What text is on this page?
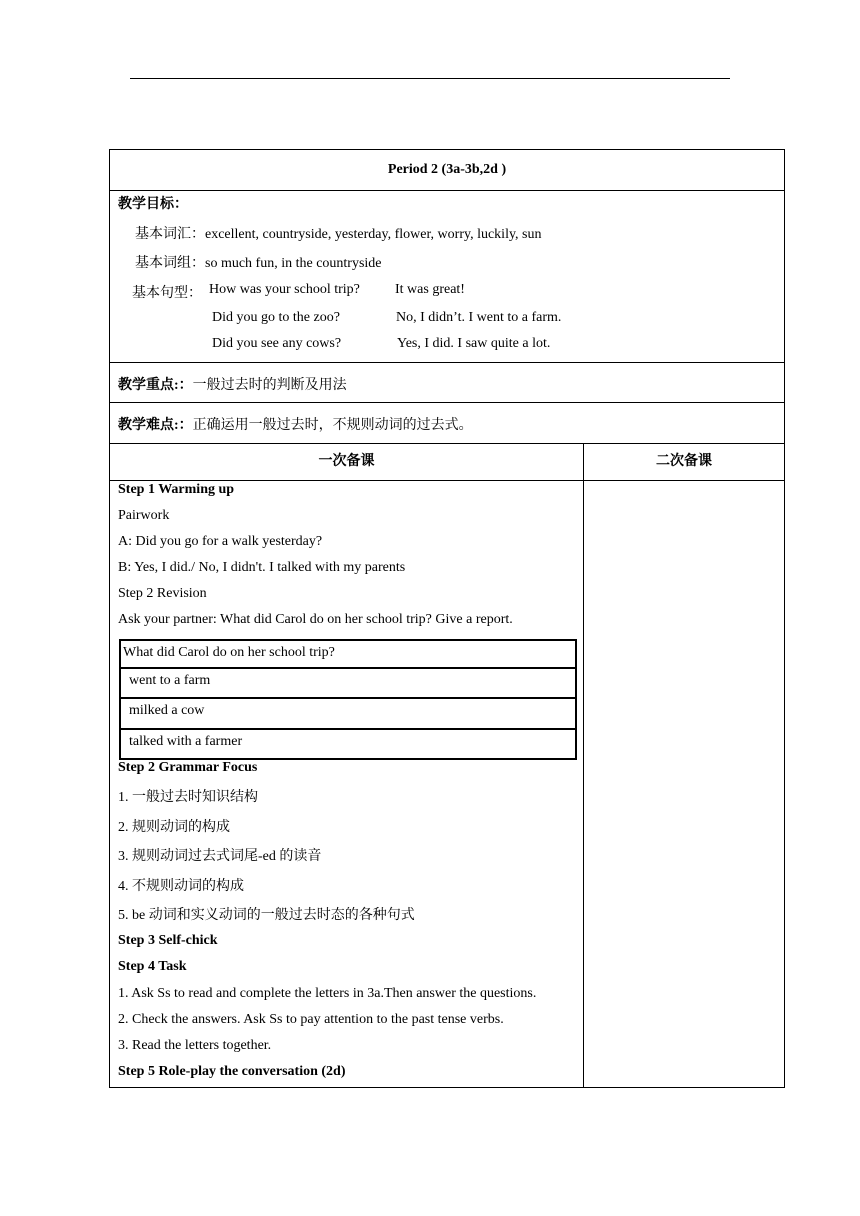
Period 2 (3a-3b,2d )
教学目标：
基本词汇：excellent, countryside, yesterday, flower, worry, luckily, sun
基本词组：so much fun, in the countryside
基本句型： How was your school trip?	It was great!
Did you go to the zoo?	No, I didn’t. I went to a farm.
Did you see any cows?	Yes, I did. I saw quite a lot.
教学重点:：一般过去时的判断及用法
教学难点:：正确运用一般过去时，不规则动词的过去式。
一次备课	二次备课
Step 1 Warming up
Pairwork
A: Did you go for a walk yesterday?
B: Yes, I did./ No, I didn't. I talked with my parents
Step 2 Revision
Ask your partner: What did Carol do on her school trip? Give a report.
What did Carol do on her school trip?
went to a farm
milked a cow
talked with a farmer
Step 2 Grammar Focus
1. 一般过去时知识结构
2. 规则动词的构成
3. 规则动词过去式词尾-ed 的读音
4. 不规则动词的构成
5. be 动词和实义动词的一般过去时态的各种句式
Step 3 Self-chick
Step 4 Task
1. Ask Ss to read and complete the letters in 3a.Then answer the questions.
2. Check the answers. Ask Ss to pay attention to the past tense verbs.
3. Read the letters together.
Step 5 Role-play the conversation (2d)
